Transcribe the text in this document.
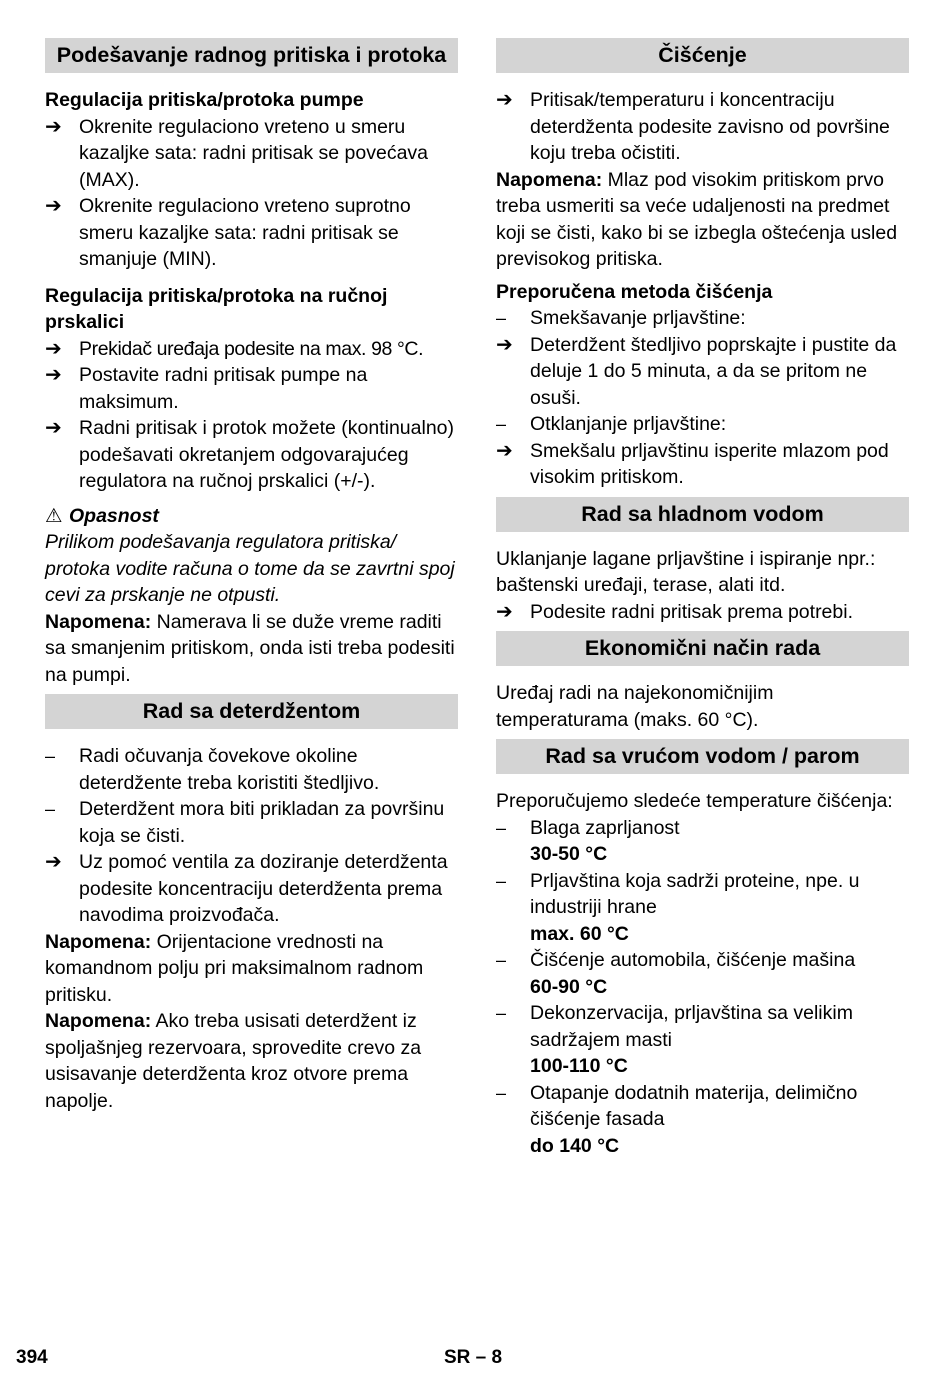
Podešavanje radnog pritiska i protoka
Regulacija pritiska/protoka pumpe
➔ Okrenite regulaciono vreteno u smeru kazaljke sata: radni pritisak se povećava (MAX).
➔ Okrenite regulaciono vreteno suprotno smeru kazaljke sata: radni pritisak se smanjuje (MIN).
Regulacija pritiska/protoka na ručnoj prskalici
➔ Prekidač uređaja podesite na max. 98 °C.
➔ Postavite radni pritisak pumpe na maksimum.
➔ Radni pritisak i protok možete (kontinualno) podešavati okretanjem odgovarajućeg regulatora na ručnoj prskalici (+/-).
⚠ Opasnost
Prilikom podešavanja regulatora pritiska/ protoka vodite računa o tome da se zavrtni spoj cevi za prskanje ne otpusti.
Napomena: Namerava li se duže vreme raditi sa smanjenim pritiskom, onda isti treba podesiti na pumpi.
Rad sa deterdžentom
–	Radi očuvanja čovekove okoline deterdžente treba koristiti štedljivo.
–	Deterdžent mora biti prikladan za površinu koja se čisti.
➔ Uz pomoć ventila za doziranje deterdženta podesite koncentraciju deterdženta prema navodima proizvođača.
Napomena: Orijentacione vrednosti na komandnom polju pri maksimalnom radnom pritisku.
Napomena: Ako treba usisati deterdžent iz spoljašnjeg rezervoara, sprovedite crevo za usisavanje deterdženta kroz otvore prema napolje.
Čišćenje
➔ Pritisak/temperaturu i koncentraciju deterdženta podesite zavisno od površine koju treba očistiti.
Napomena: Mlaz pod visokim pritiskom prvo treba usmeriti sa veće udaljenosti na predmet koji se čisti, kako bi se izbegla oštećenja usled previsokog pritiska.
Preporučena metoda čišćenja
–	Smekšavanje prljavštine:
➔ Deterdžent štedljivo poprskajte i pustite da deluje 1 do 5 minuta, a da se pritom ne osuši.
–	Otklanjanje prljavštine:
➔ Smekšalu prljavštinu isperite mlazom pod visokim pritiskom.
Rad sa hladnom vodom
Uklanjanje lagane prljavštine i ispiranje npr.: baštenski uređaji, terase, alati itd.
➔ Podesite radni pritisak prema potrebi.
Ekonomični način rada
Uređaj radi na najekonomičnijim temperaturama (maks. 60 °C).
Rad sa vrućom vodom / parom
Preporučujemo sledeće temperature čišćenja:
–	Blaga zaprljanost
30-50 °C
–	Prljavština koja sadrži proteine, npe. u industriji hrane
max. 60 °C
–	Čišćenje automobila, čišćenje mašina
60-90 °C
–	Dekonzervacija, prljavština sa velikim sadržajem masti
100-110 °C
–	Otapanje dodatnih materija, delimično čišćenje fasada
do 140 °C
394	SR – 8
